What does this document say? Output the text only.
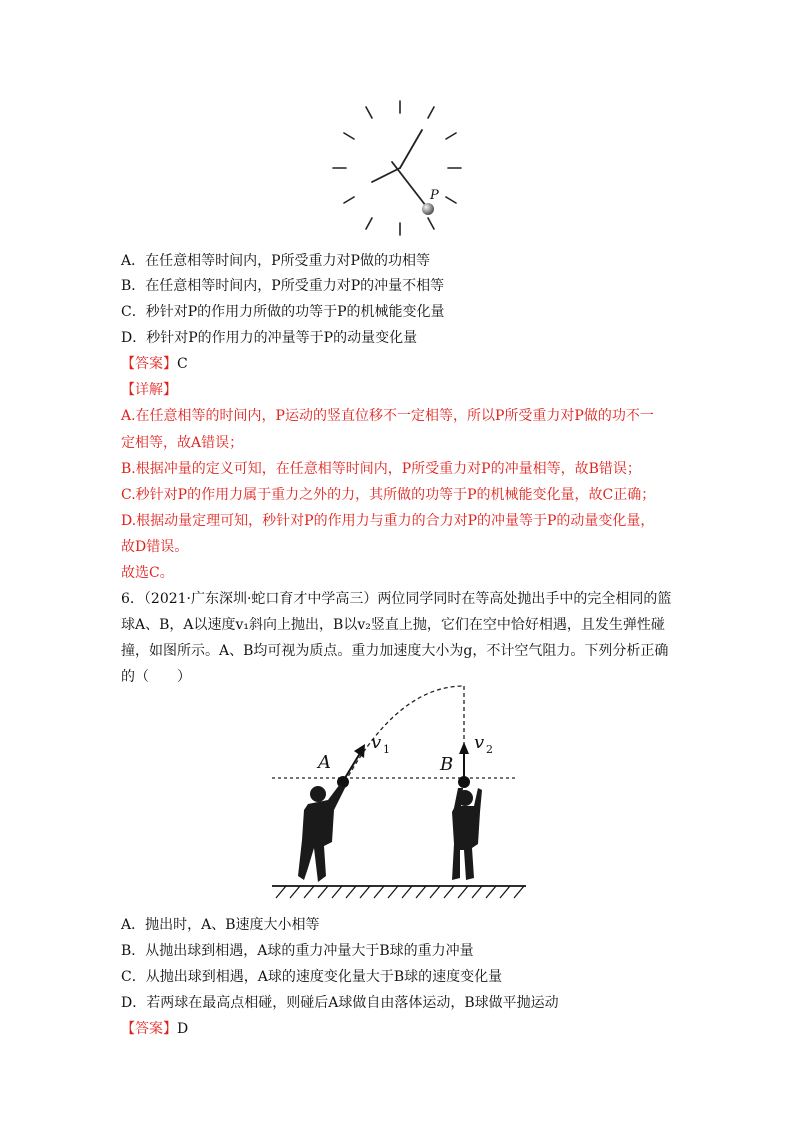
P
A．在任意相等时间内，P所受重力对P做的功相等
B．在任意相等时间内，P所受重力对P的冲量不相等
C．秒针对P的作用力所做的功等于P的机械能变化量
D．秒针对P的作用力的冲量等于P的动量变化量
【答案】C
【详解】
A.在任意相等的时间内，P运动的竖直位移不一定相等，所以P所受重力对P做的功不一
定相等，故A错误；
B.根据冲量的定义可知，在任意相等时间内，P所受重力对P的冲量相等，故B错误；
C.秒针对P的作用力属于重力之外的力，其所做的功等于P的机械能变化量，故C正确；
D.根据动量定理可知，秒针对P的作用力与重力的合力对P的冲量等于P的动量变化量，
故D错误。
故选C。
6．（2021·广东深圳·蛇口育才中学高三）两位同学同时在等高处抛出手中的完全相同的篮
球A、B，A以速度v₁斜向上抛出，B以v₂竖直上抛，它们在空中恰好相遇，且发生弹性碰
撞，如图所示。A、B均可视为质点。重力加速度大小为g，不计空气阻力。下列分析正确
的（　　）
A	B
v 1	v 2
A．抛出时，A、B速度大小相等
B．从抛出球到相遇，A球的重力冲量大于B球的重力冲量
C．从抛出球到相遇，A球的速度变化量大于B球的速度变化量
D．若两球在最高点相碰，则碰后A球做自由落体运动，B球做平抛运动
【答案】D
